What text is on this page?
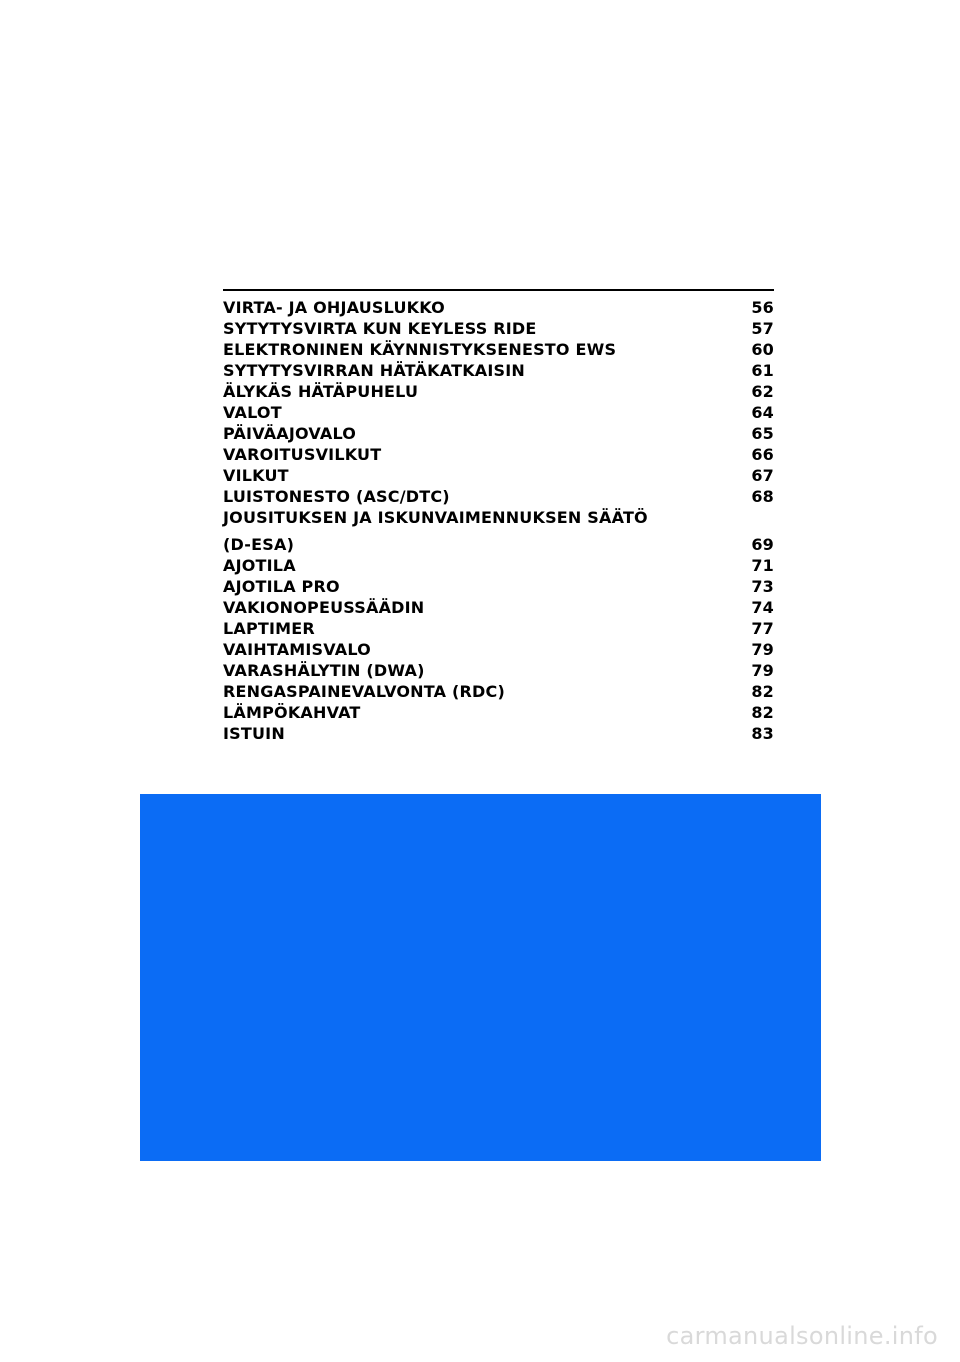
VIRTA- JA OHJAUSLUKKO	56
SYTYTYSVIRTA KUN KEYLESS RIDE	57
ELEKTRONINEN KÄYNNISTYKSENESTO EWS	60
SYTYTYSVIRRAN HÄTÄKATKAISIN	61
ÄLYKÄS HÄTÄPUHELU	62
VALOT	64
PÄIVÄAJOVALO	65
VAROITUSVILKUT	66
VILKUT	67
LUISTONESTO (ASC/DTC)	68
JOUSITUKSEN JA ISKUNVAIMENNUKSEN SÄÄTÖ
(D-ESA)	69
AJOTILA	71
AJOTILA PRO	73
VAKIONOPEUSSÄÄDIN	74
LAPTIMER	77
VAIHTAMISVALO	79
VARASHÄLYTIN (DWA)	79
RENGASPAINEVALVONTA (RDC)	82
LÄMPÖKAHVAT	82
ISTUIN	83
carmanualsonline.info
